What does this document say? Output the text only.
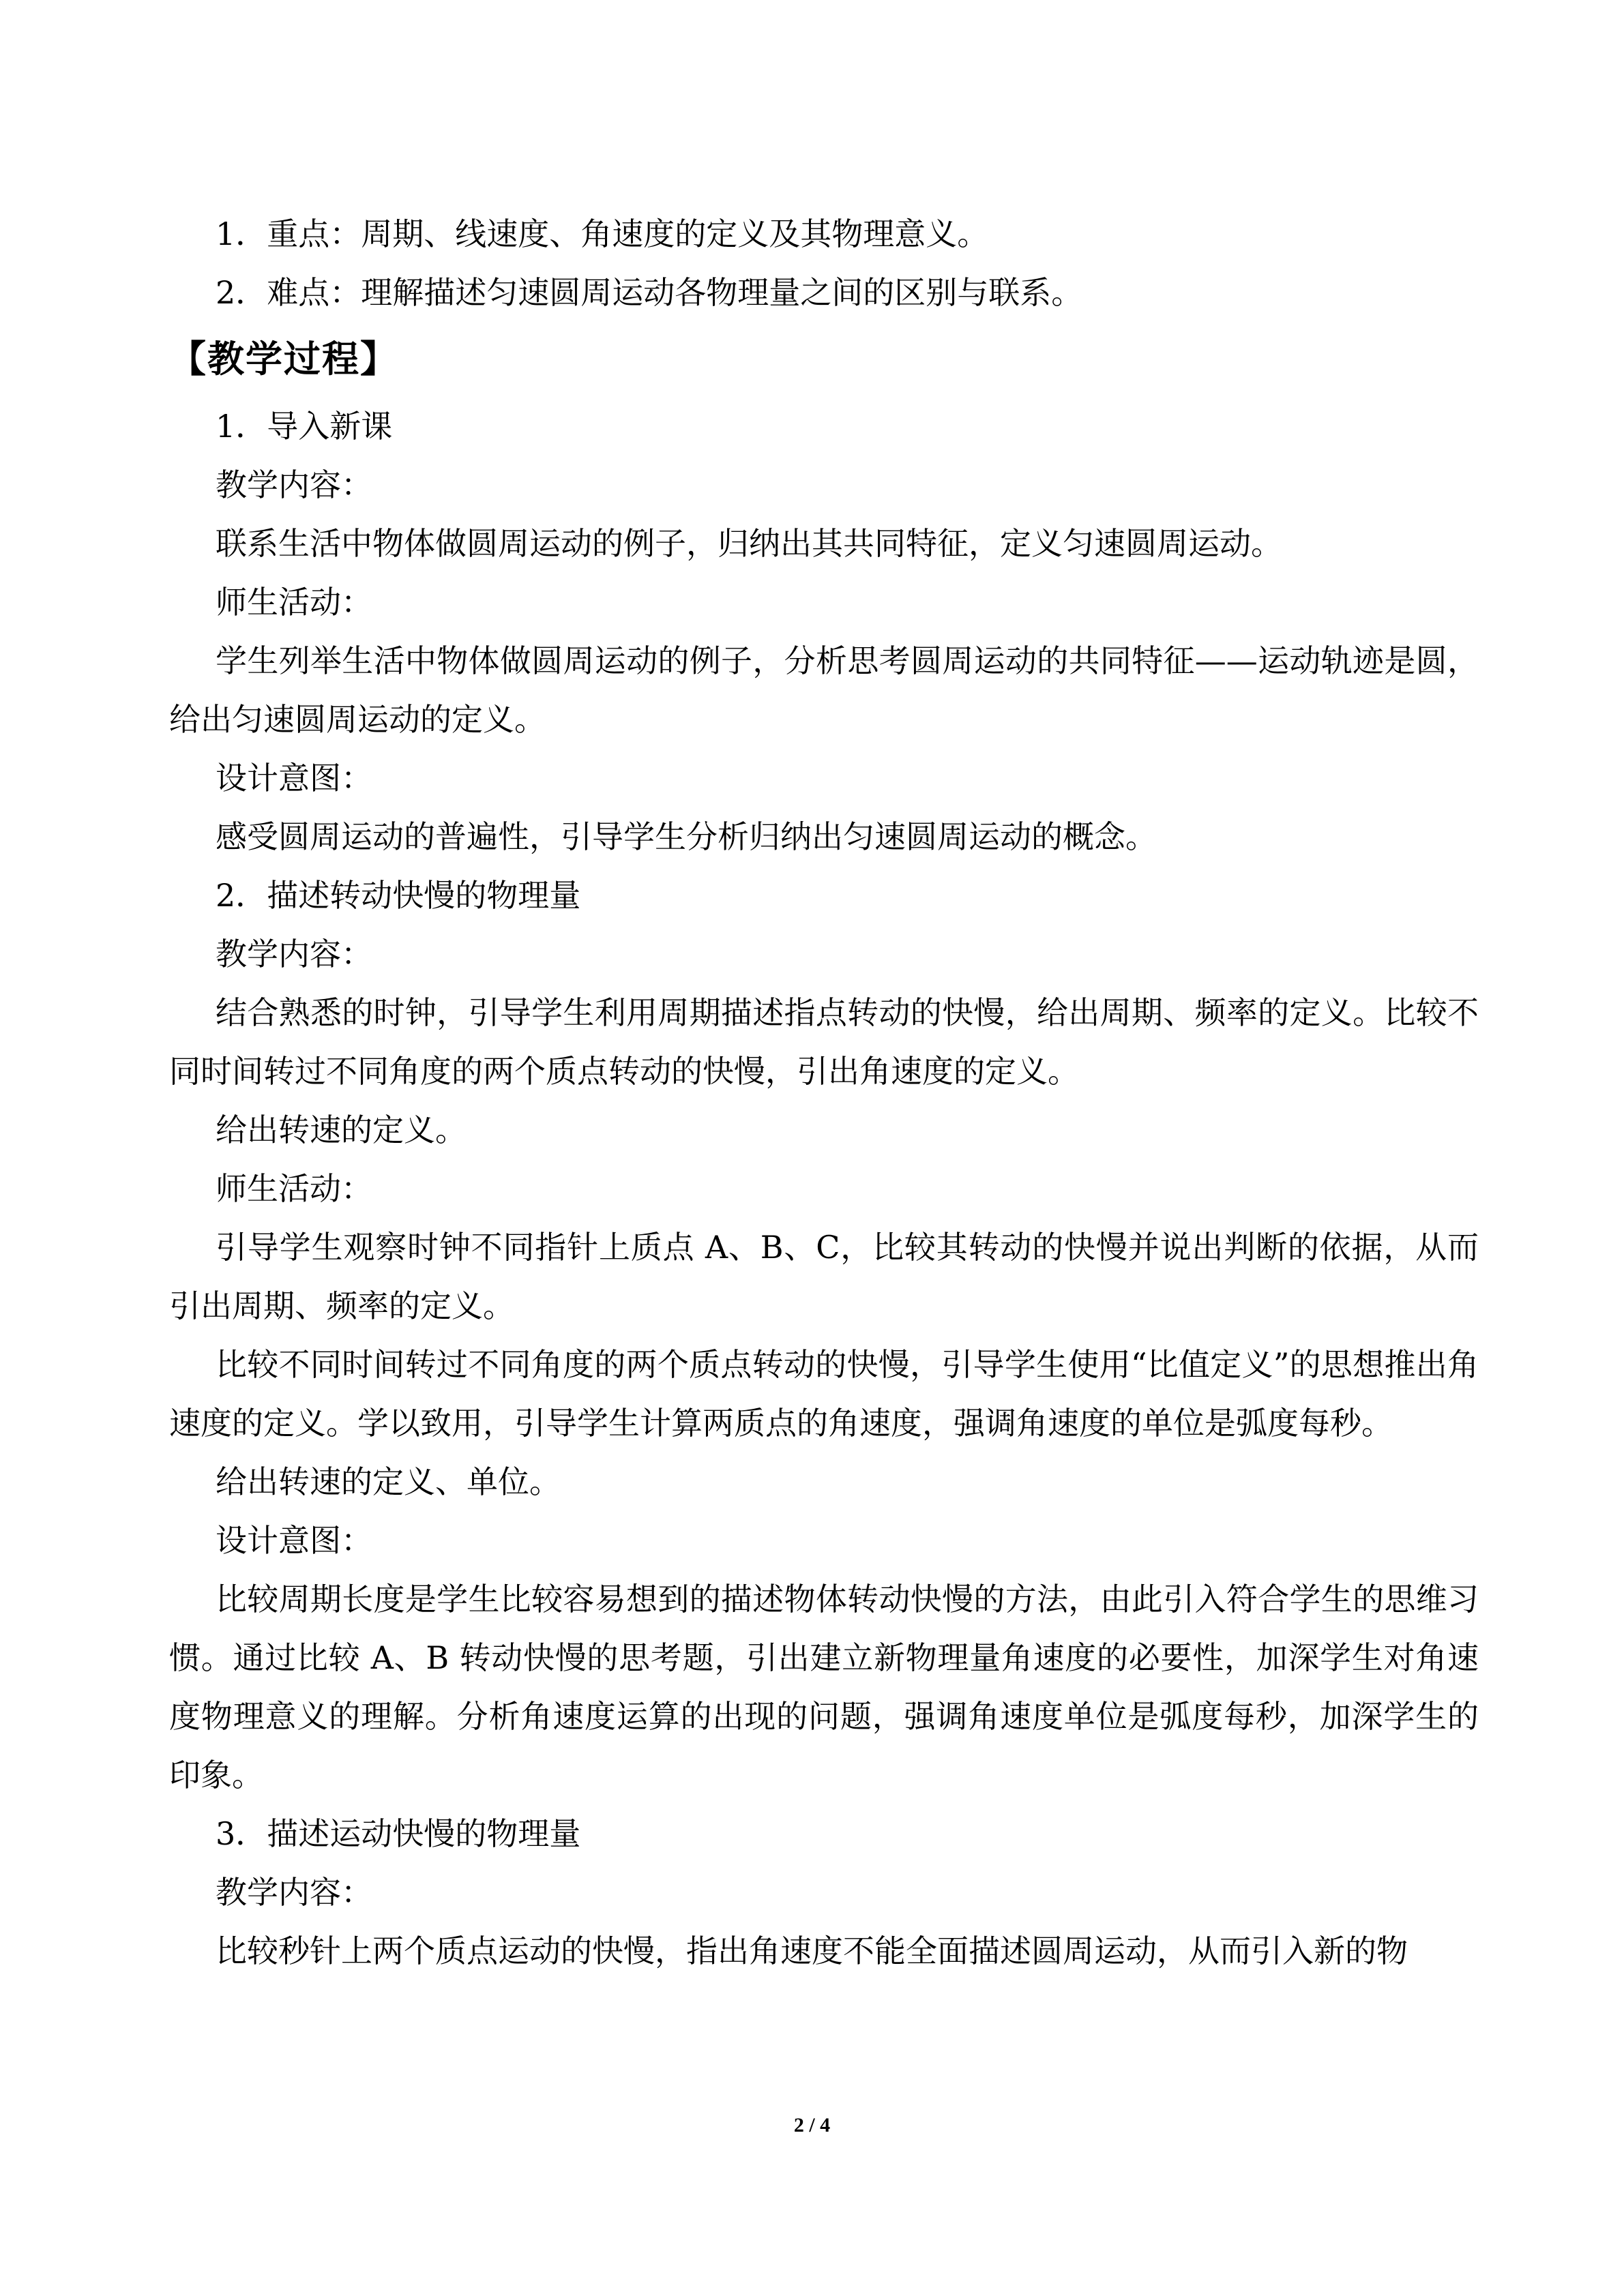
1．重点：周期、线速度、角速度的定义及其物理意义。

2．难点：理解描述匀速圆周运动各物理量之间的区别与联系。

【教学过程】

1．导入新课

教学内容：

联系生活中物体做圆周运动的例子，归纳出其共同特征，定义匀速圆周运动。

师生活动：

学生列举生活中物体做圆周运动的例子，分析思考圆周运动的共同特征——运动轨迹是圆，给出匀速圆周运动的定义。

设计意图：

感受圆周运动的普遍性，引导学生分析归纳出匀速圆周运动的概念。

2．描述转动快慢的物理量

教学内容：

结合熟悉的时钟，引导学生利用周期描述指点转动的快慢，给出周期、频率的定义。比较不同时间转过不同角度的两个质点转动的快慢，引出角速度的定义。

给出转速的定义。

师生活动：

引导学生观察时钟不同指针上质点 A、B、C，比较其转动的快慢并说出判断的依据，从而引出周期、频率的定义。

比较不同时间转过不同角度的两个质点转动的快慢，引导学生使用“比值定义”的思想推出角速度的定义。学以致用，引导学生计算两质点的角速度，强调角速度的单位是弧度每秒。

给出转速的定义、单位。

设计意图：

比较周期长度是学生比较容易想到的描述物体转动快慢的方法，由此引入符合学生的思维习惯。通过比较 A、B 转动快慢的思考题，引出建立新物理量角速度的必要性，加深学生对角速度物理意义的理解。分析角速度运算的出现的问题，强调角速度单位是弧度每秒，加深学生的印象。

3．描述运动快慢的物理量

教学内容：

比较秒针上两个质点运动的快慢，指出角速度不能全面描述圆周运动，从而引入新的物

2 / 4
